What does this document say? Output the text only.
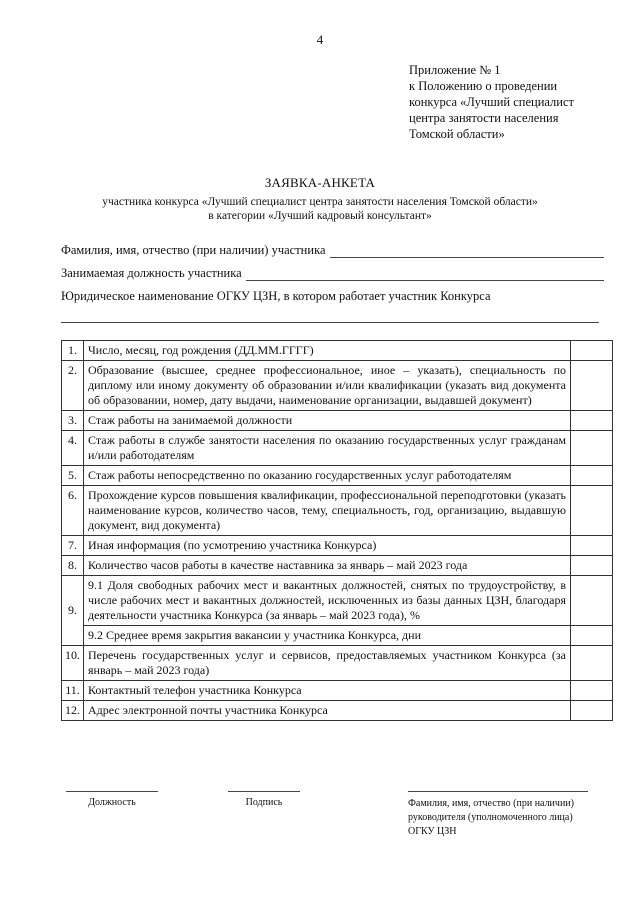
4
Приложение № 1
к Положению о проведении
конкурса «Лучший специалист
центра занятости населения
Томской области»
ЗАЯВКА-АНКЕТА
участника конкурса «Лучший специалист центра занятости населения Томской области»
в категории «Лучший кадровый консультант»
Фамилия, имя, отчество (при наличии) участника
Занимаемая должность участника
Юридическое наименование ОГКУ ЦЗН, в котором работает участник Конкурса
1.	Число, месяц, год рождения (ДД.ММ.ГГГГ)	
2.	Образование (высшее, среднее профессиональное, иное – указать), специальность по диплому или иному документу об образовании и/или квалификации (указать вид документа об образовании, номер, дату выдачи, наименование организации, выдавшей документ)	
3.	Стаж работы на занимаемой должности	
4.	Стаж работы в службе занятости населения по оказанию государственных услуг гражданам и/или работодателям	
5.	Стаж работы непосредственно по оказанию государственных услуг работодателям	
6.	Прохождение курсов повышения квалификации, профессиональной переподготовки (указать наименование курсов, количество часов, тему, специальность, год, организацию, выдавшую документ, вид документа)	
7.	Иная информация (по усмотрению участника Конкурса)	
8.	Количество часов работы в качестве наставника за январь – май 2023 года	
9.	9.1 Доля свободных рабочих мест и вакантных должностей, снятых по трудоустройству, в числе рабочих мест и вакантных должностей, исключенных из базы данных ЦЗН, благодаря деятельности участника Конкурса (за январь – май 2023 года), %	
	9.2 Среднее время закрытия вакансии у участника Конкурса, дни	
10.	Перечень государственных услуг и сервисов, предоставляемых участником Конкурса (за январь – май 2023 года)	
11.	Контактный телефон участника Конкурса	
12.	Адрес электронной почты участника Конкурса	
Должность	Подпись	Фамилия, имя, отчество (при наличии)
руководителя (уполномоченного лица)
ОГКУ ЦЗН
